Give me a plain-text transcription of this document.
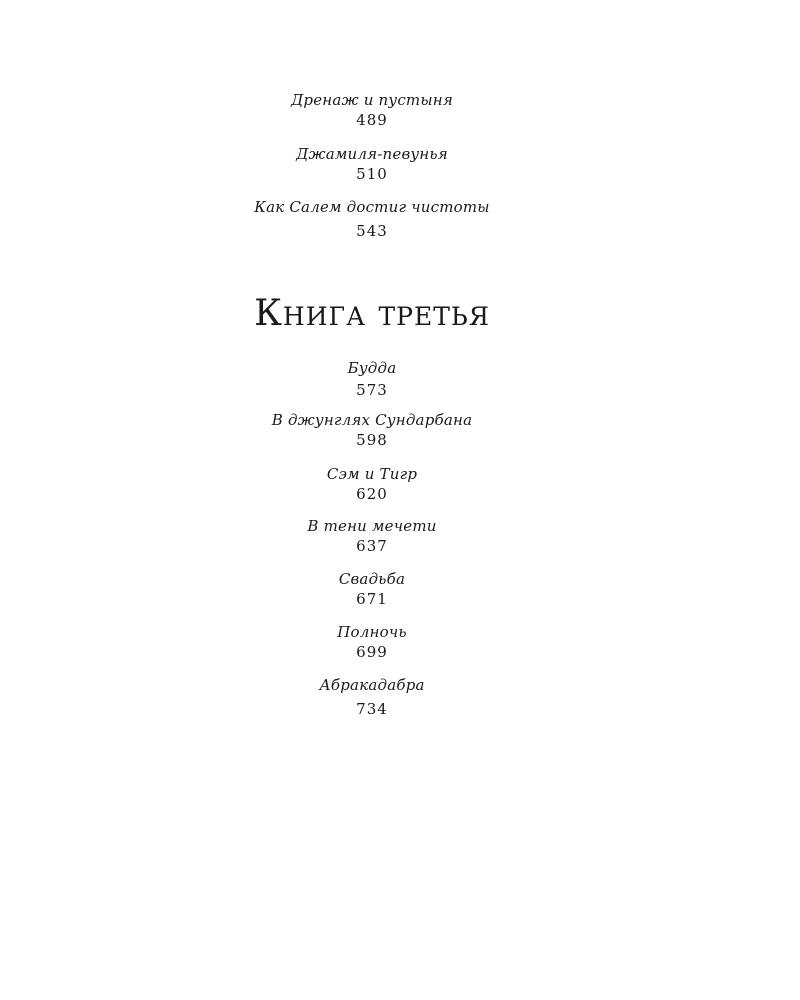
Дренаж и пустыня
489
Джамиля-певунья
510
Как Салем достиг чистоты
543
Книга третья
Будда
573
В джунглях Сундарбана
598
Сэм и Тигр
620
В тени мечети
637
Свадьба
671
Полночь
699
Абракадабра
734
